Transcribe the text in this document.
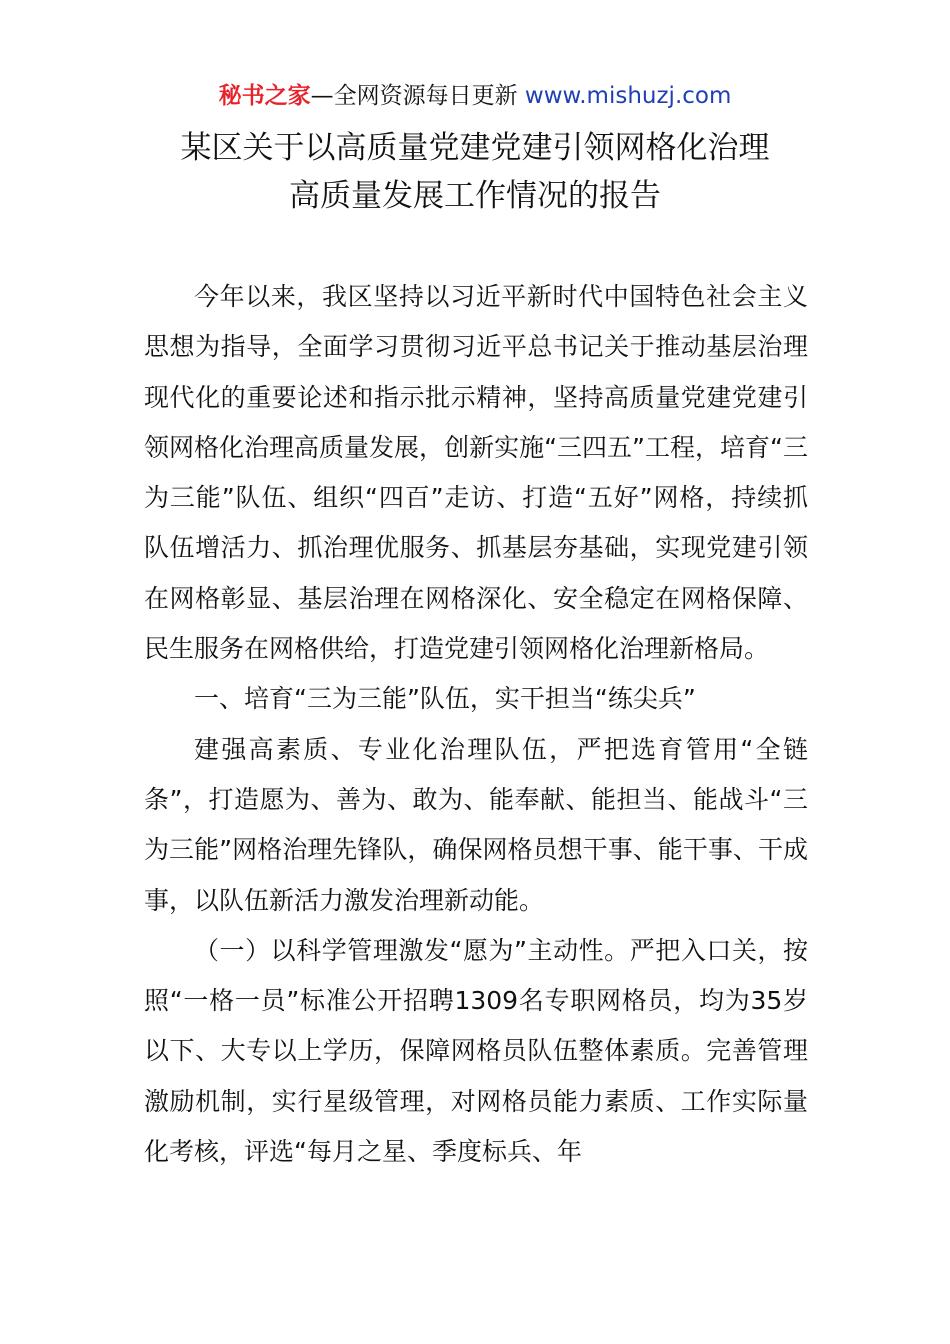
秘书之家—全网资源每日更新 www.mishuzj.com
某区关于以高质量党建党建引领网格化治理
高质量发展工作情况的报告

今年以来，我区坚持以习近平新时代中国特色社会主义思想为指导，全面学习贯彻习近平总书记关于推动基层治理现代化的重要论述和指示批示精神，坚持高质量党建党建引领网格化治理高质量发展，创新实施“三四五”工程，培育“三为三能”队伍、组织“四百”走访、打造“五好”网格，持续抓队伍增活力、抓治理优服务、抓基层夯基础，实现党建引领在网格彰显、基层治理在网格深化、安全稳定在网格保障、民生服务在网格供给，打造党建引领网格化治理新格局。

一、培育“三为三能”队伍，实干担当“练尖兵”

建强高素质、专业化治理队伍，严把选育管用“全链条”，打造愿为、善为、敢为、能奉献、能担当、能战斗“三为三能”网格治理先锋队，确保网格员想干事、能干事、干成事，以队伍新活力激发治理新动能。

（一）以科学管理激发“愿为”主动性。严把入口关，按照“一格一员”标准公开招聘1309名专职网格员，均为35岁以下、大专以上学历，保障网格员队伍整体素质。完善管理激励机制，实行星级管理，对网格员能力素质、工作实际量化考核，评选“每月之星、季度标兵、年
